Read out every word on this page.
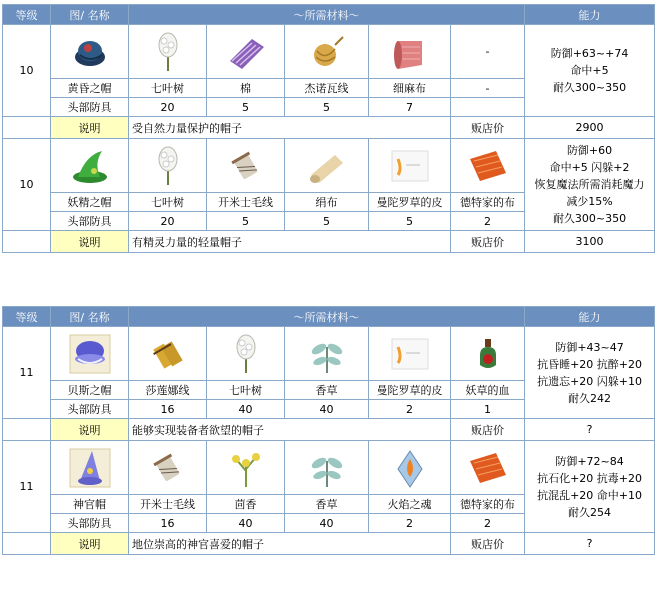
等级	图/ 名称	～所需材料～					能力
10						-	防御+63~+74
命中+5
耐久300~350

	黄昏之帽	七叶树	棉	杰诺瓦线	细麻布	-	
	头部防具	20	5	5	7		
	说明	受自然力量保护的帽子				贩店价	2900
10							防御+60
命中+5 闪躲+2
恢复魔法所需消耗魔力
减少15%
耐久300~350

	妖精之帽	七叶树	开米士毛线	绢布	曼陀罗草的皮	德特家的布	
	头部防具	20	5	5	5	2	
	说明	有精灵力量的轻量帽子				贩店价	3100
等级	图/ 名称	～所需材料～					能力
11							防御+43~47
抗昏睡+20 抗醉+20
抗遗忘+20 闪躲+10
耐久242

	贝斯之帽	莎莲娜线	七叶树	香草	曼陀罗草的皮	妖草的血	
	头部防具	16	40	40	2	1	
	说明	能够实现装备者欲望的帽子				贩店价	?
11							防御+72~84
抗石化+20 抗毒+20
抗混乱+20 命中+10
耐久254

	神官帽	开米士毛线	茴香	香草	火焰之魂	德特家的布	
	头部防具	16	40	40	2	2	
	说明	地位崇高的神官喜爱的帽子				贩店价	?
